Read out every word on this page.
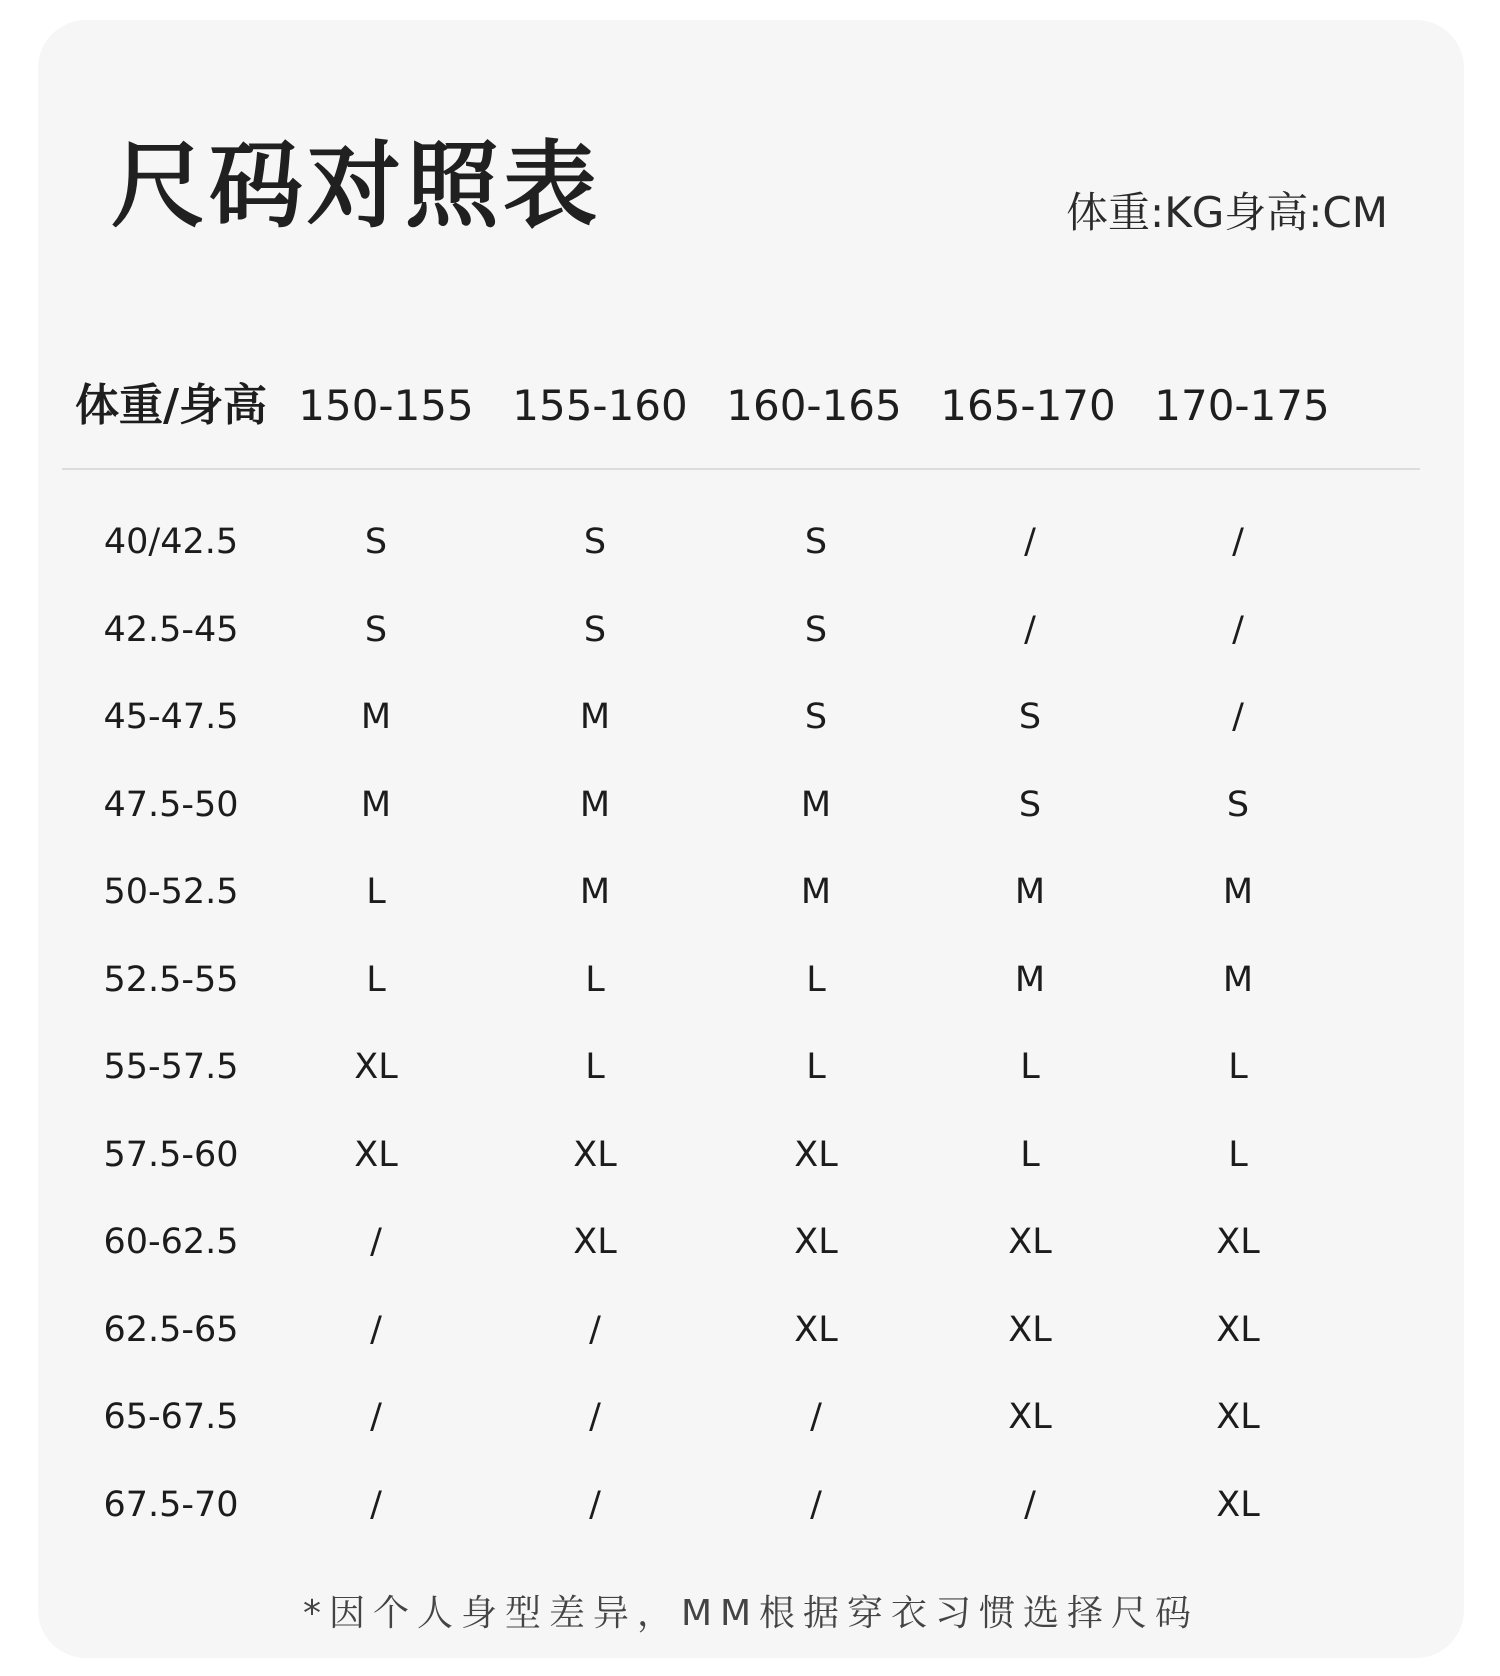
尺码对照表	体重:KG身高:CM
体重/身高 150-155 155-160 160-165 165-170 170-175
40/42.5	S	S	S	/	/
42.5-45	S	S	S	/	/
45-47.5	M	M	S	S	/
47.5-50	M	M	M	S	S
50-52.5	L	M	M	M	M
52.5-55	L	L	L	M	M
55-57.5	XL	L	L	L	L
57.5-60	XL	XL	XL	L	L
60-62.5	/	XL	XL	XL	XL
62.5-65	/	/	XL	XL	XL
65-67.5	/	/	/	XL	XL
67.5-70	/	/	/	/	XL
*因个人身型差异，MM根据穿衣习惯选择尺码
